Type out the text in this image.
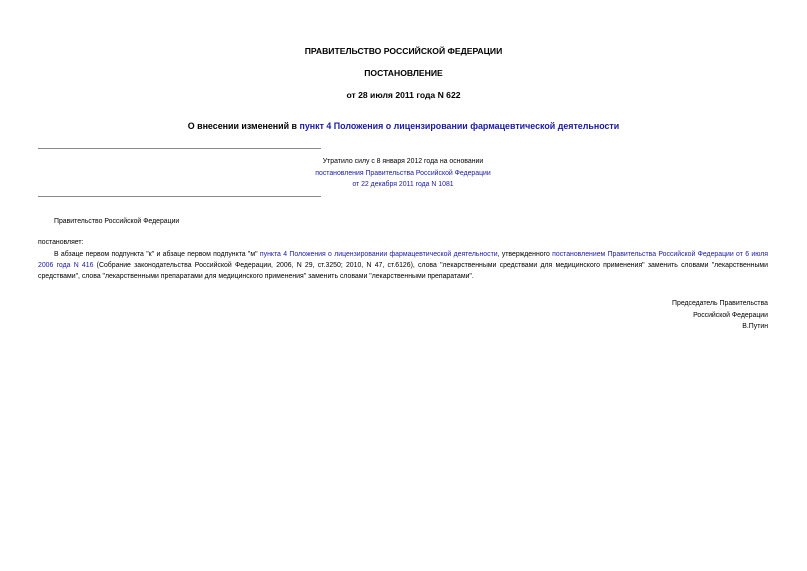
ПРАВИТЕЛЬСТВО РОССИЙСКОЙ ФЕДЕРАЦИИ
ПОСТАНОВЛЕНИЕ
от 28 июля 2011 года N 622
О внесении изменений в пункт 4 Положения о лицензировании фармацевтической деятельности
Утратило силу с 8 января 2012 года на основании
постановления Правительства Российской Федерации
от 22 декабря 2011 года N 1081
Правительство Российской Федерации
постановляет:
В абзаце первом подпункта "к" и абзаце первом подпункта "м" пункта 4 Положения о лицензировании фармацевтической деятельности, утвержденного постановлением Правительства Российской Федерации от 6 июля 2006 года N 416 (Собрание законодательства Российской Федерации, 2006, N 29, ст.3250; 2010, N 47, ст.6126), слова "лекарственными средствами для медицинского применения" заменить словами "лекарственными средствами", слова "лекарственными препаратами для медицинского применения" заменить словами "лекарственными препаратами".
Председатель Правительства
Российской Федерации
В.Путин
